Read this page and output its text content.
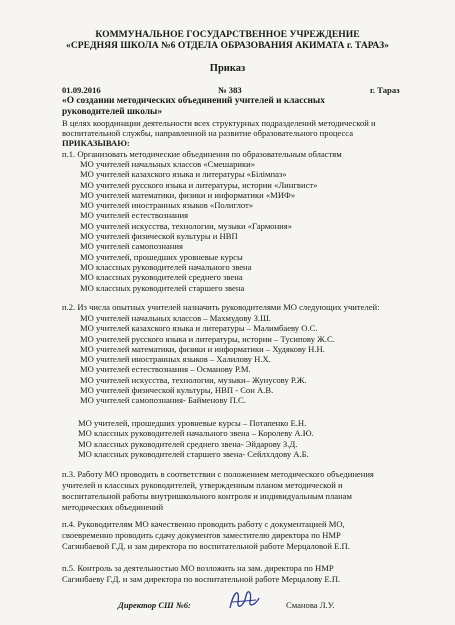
КОММУНАЛЬНОЕ ГОСУДАРСТВЕННОЕ УЧРЕЖДЕНИЕ
«СРЕДНЯЯ ШКОЛА №6 ОТДЕЛА ОБРАЗОВАНИЯ АКИМАТА г. ТАРАЗ»
Приказ
01.09.2016	№ 383	г. Тараз
«О создании методических объединений учителей и классных
руководителей школы»
В целях координации деятельности всех структурных подразделений методической и
воспитательной службы, направленной на развитие образовательного процесса
ПРИКАЗЫВАЮ:
п.1. Организовать методические объединения по образовательным областям
МО учителей начальных классов «Смешарики»
МО учителей казахского языка и литературы «Білімпаз»
МО учителей русского языка и литературы, истории «Лингвист»
МО учителей математики, физики и информатики «МИФ»
МО учителей иностранных языков «Полиглот»
МО учителей естествознания
МО учителей искусства, технологии, музыки «Гармония»
МО учителей физической культуры и НВП
МО учителей самопознания
МО учителей, прошедших уровневые курсы
МО классных руководителей начального звена
МО классных руководителей среднего звена
МО классных руководителей старшего звена
п.2. Из числа опытных учителей назначить руководителями МО следующих учителей:
МО учителей начальных классов – Махмудову З.Ш.
МО учителей казахского языка и литературы – Малимбаеву О.С.
МО учителей русского языка и литературы, истории – Тусипову Ж.С.
МО учителей математики, физики и информатики – Худякову Н.Н.
МО учителей иностранных языков – Халилову Н.Х.
МО учителей естествознания – Османову Р.М.
МО учителей искусства, технологии, музыки– Жунусову Р.Ж.
МО учителей физической культуры, НВП - Сон А.В.
МО учителей самопознания- Байменову П.С.
МО учителей, прошедших уровневые курсы – Потапенко Е.Н.
МО классных руководителей начального звена – Королеву А.Ю.
МО классных руководителей среднего звена- Эйдарову З.Д.
МО классных руководителей старшего звена- Сейлхлдову А.Б.
п.3. Работу МО проводить в соответствии с положением методического объединения
учителей и классных руководителей, утвержденным планом методической и
воспитательной работы внутришкольного контроля и индивидуальным планам
методических объединений
п.4. Руководителям МО качественно проводить работу с документацией МО,
своевременно проводить сдачу документов заместителю директора по НМР
Сагинбаевой Г.Д. и зам директора по воспитательной работе Мерцаловой Е.П.
п.5. Контроль за деятельностью МО возложить на зам. директора по НМР
Сагинбаеву Г.Д. и зам директора по воспитательной работе Мерцалову Е.П.
Директор СШ №6:	Сманова Л.У.
